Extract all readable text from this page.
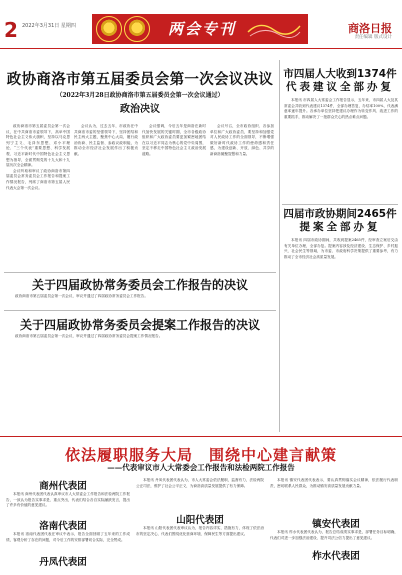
2 2022年3月31日 星期四	两会专刊	商洛日报
责任编辑 版式设计
政协商洛市第五届委员会第一次会议决议
（2022年3月28日政协商洛市第五届委员会第一次会议通过）
政治决议

政协商洛市第五届委员会第一次会议，在中共商洛市委领导下，高举中国特色社会主义伟大旗帜，坚持以马克思列宁主义、毛泽东思想、邓小平理论、“三个代表”重要思想、科学发展观、习近平新时代中国特色社会主义思想为指导，全面贯彻党的十九大和十九届历次全会精神。

会议听取和审议了政协商洛市第四届委员会常务委员会工作报告和提案工作情况报告，列席了商洛市第五届人民代表大会第一次会议。

会议认为，过去五年，市政协在中共商洛市委的坚强领导下，坚持团结和民主两大主题，聚焦中心大局，履行政治协商、民主监督、参政议政职能，为推动全市经济社会发展作出了积极贡献。

会议强调，今后五年是商洛在新时代加快发展的关键时期，全市各级政协组织和广大政协委员要更加紧密地团结在以习近平同志为核心的党中央周围，坚定不移走中国特色社会主义政治发展道路。

会议号召，全市政协组织、各参加单位和广大政协委员，要坚持和加强党对人民政协工作的全面领导，不断增强做好新时代政协工作的使命感和责任感，为建设创新、开放、绿色、共享的新商洛凝聚智慧和力量。

关于四届政协常务委员会工作报告的决议

政协商洛市第五届委员会第一次会议，审议并通过了四届政协常务委员会工作报告。

关于四届政协常务委员会提案工作报告的决议

政协商洛市第五届委员会第一次会议，审议并通过了四届政协常务委员会提案工作情况报告。

市四届人大收到1374件
代表建议全部办复

本报讯 市四届人大常委会工作报告显示，五年来，市四届人大及其常委会共收到代表建议1374件，全部办理答复，办结率100%，代表满意率逐年提升。各承办单位坚持把建议办理作为转变作风、改进工作的重要抓手，推动解决了一批群众关心的热点难点问题。

四届市政协期间2465件
提案全部办复

本报讯 四届市政协期间，共收到提案2465件，经审查立案后交由有关单位办理，全部办复。提案内容涉及经济建设、生态保护、乡村振兴、社会民生等领域，为市委、市政府科学决策提供了重要参考，有力推动了全市经济社会高质量发展。

依法履职服务大局　围绕中心建言献策
——代表审议市人大常委会工作报告和法检两院工作报告
商州代表团

本报讯 商州代表团代表认真审议市人大常委会工作报告和法检两院工作报告，一致认为报告实事求是、重点突出，代表们结合各自实际踊跃发言，提出了许多有价值的意见建议。

洛南代表团

本报讯 洛南代表团代表在审议中表示，报告全面回顾了五年来的工作成绩，客观分析了存在的问题，对今后工作的安排部署切合实际，完全赞成。

丹凤代表团
山阳代表团

本报讯 丹凤代表团代表认为，市人大常委会依法履职，监督有力，法检两院公正司法，维护了社会公平正义，为商洛高质量发展提供了有力保障。

本报讯 山阳代表团代表审议认为，报告内容详实，措施有力，体现了依法治市的坚定决心，代表们围绕优化营商环境、保障民生等方面提出建议。

本报讯 镇安代表团代表表示，要认真贯彻落实会议精神，依法履行代表职责，密切联系人民群众，为推动镇安高质量发展贡献力量。

镇安代表团
柞水代表团

本报讯 柞水代表团代表认为，报告总结成绩实事求是，部署任务目标明确，代表们对进一步加强法治建设、提升司法公信力提出了意见建议。
